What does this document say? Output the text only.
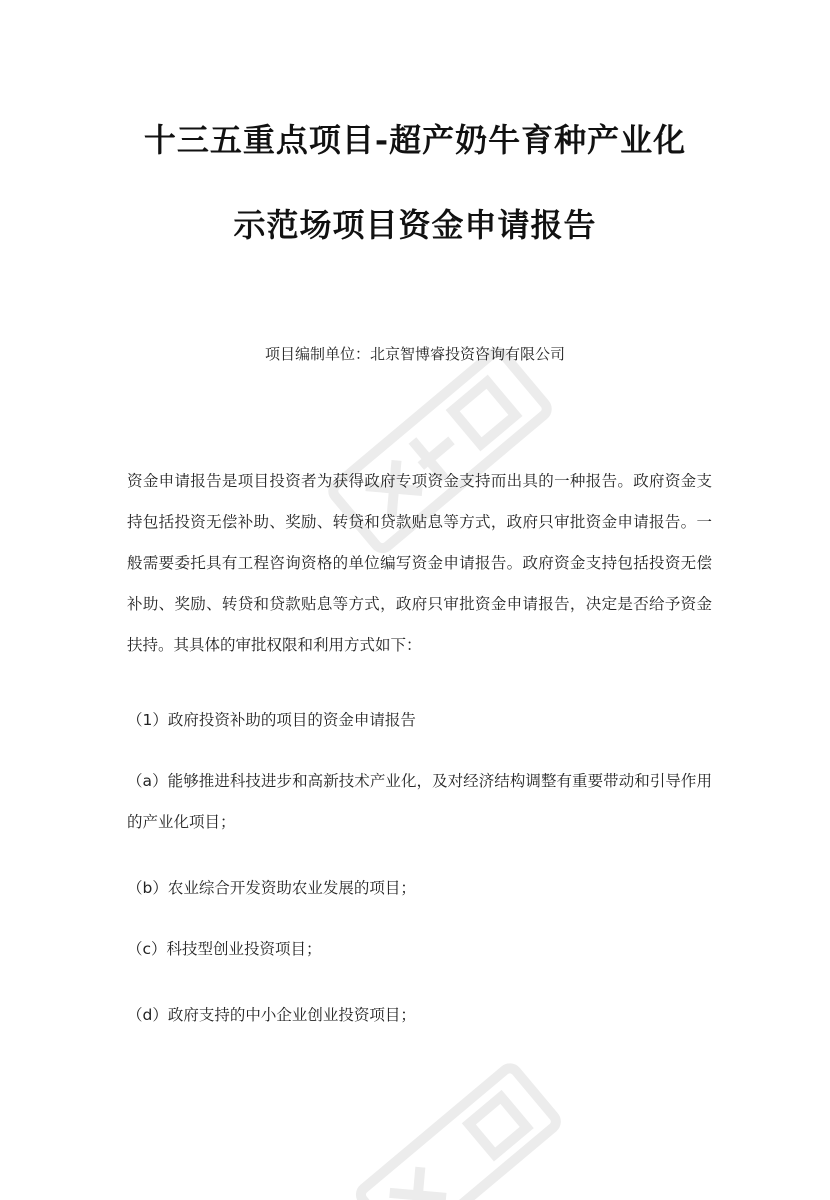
十三五重点项目-超产奶牛育种产业化
示范场项目资金申请报告
项目编制单位：北京智博睿投资咨询有限公司

资金申请报告是项目投资者为获得政府专项资金支持而出具的一种报告。政府资金支持包括投资无偿补助、奖励、转贷和贷款贴息等方式，政府只审批资金申请报告。一般需要委托具有工程咨询资格的单位编写资金申请报告。政府资金支持包括投资无偿补助、奖励、转贷和贷款贴息等方式，政府只审批资金申请报告，决定是否给予资金扶持。其具体的审批权限和利用方式如下：

（1）政府投资补助的项目的资金申请报告

（a）能够推进科技进步和高新技术产业化，及对经济结构调整有重要带动和引导作用的产业化项目；

（b）农业综合开发资助农业发展的项目；

（c）科技型创业投资项目；

（d）政府支持的中小企业创业投资项目；
